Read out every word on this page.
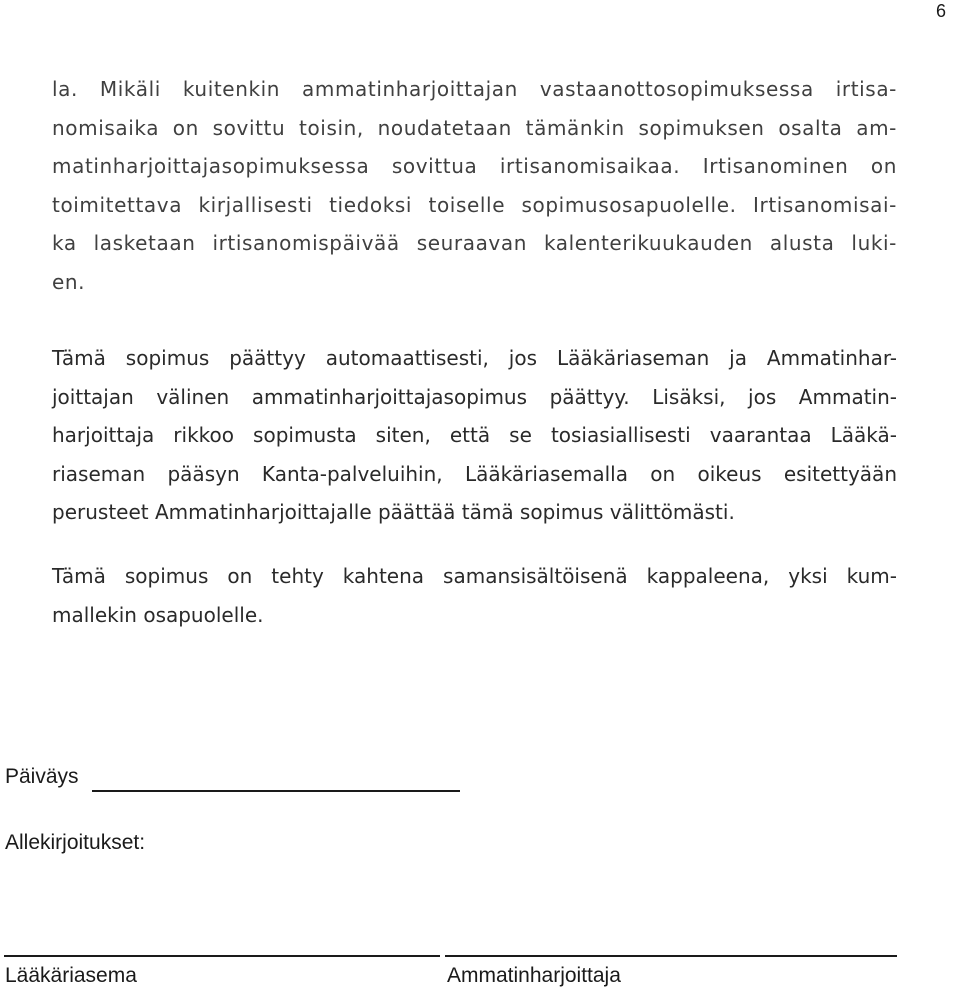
6
la. Mikäli kuitenkin ammatinharjoittajan vastaanottosopimuksessa irtisa-
nomisaika on sovittu toisin, noudatetaan tämänkin sopimuksen osalta am-
matinharjoittajasopimuksessa sovittua irtisanomisaikaa. Irtisanominen on
toimitettava kirjallisesti tiedoksi toiselle sopimusosapuolelle. Irtisanomisai-
ka lasketaan irtisanomispäivää seuraavan kalenterikuukauden alusta luki-
en.
Tämä sopimus päättyy automaattisesti, jos Lääkäriaseman ja Ammatinhar-
joittajan välinen ammatinharjoittajasopimus päättyy. Lisäksi, jos Ammatin-
harjoittaja rikkoo sopimusta siten, että se tosiasiallisesti vaarantaa Lääkä-
riaseman pääsyn Kanta-palveluihin, Lääkäriasemalla on oikeus esitettyään
perusteet Ammatinharjoittajalle päättää tämä sopimus välittömästi.
Tämä sopimus on tehty kahtena samansisältöisenä kappaleena, yksi kum-
mallekin osapuolelle.
Päiväys
Allekirjoitukset:
Lääkäriasema	Ammatinharjoittaja
